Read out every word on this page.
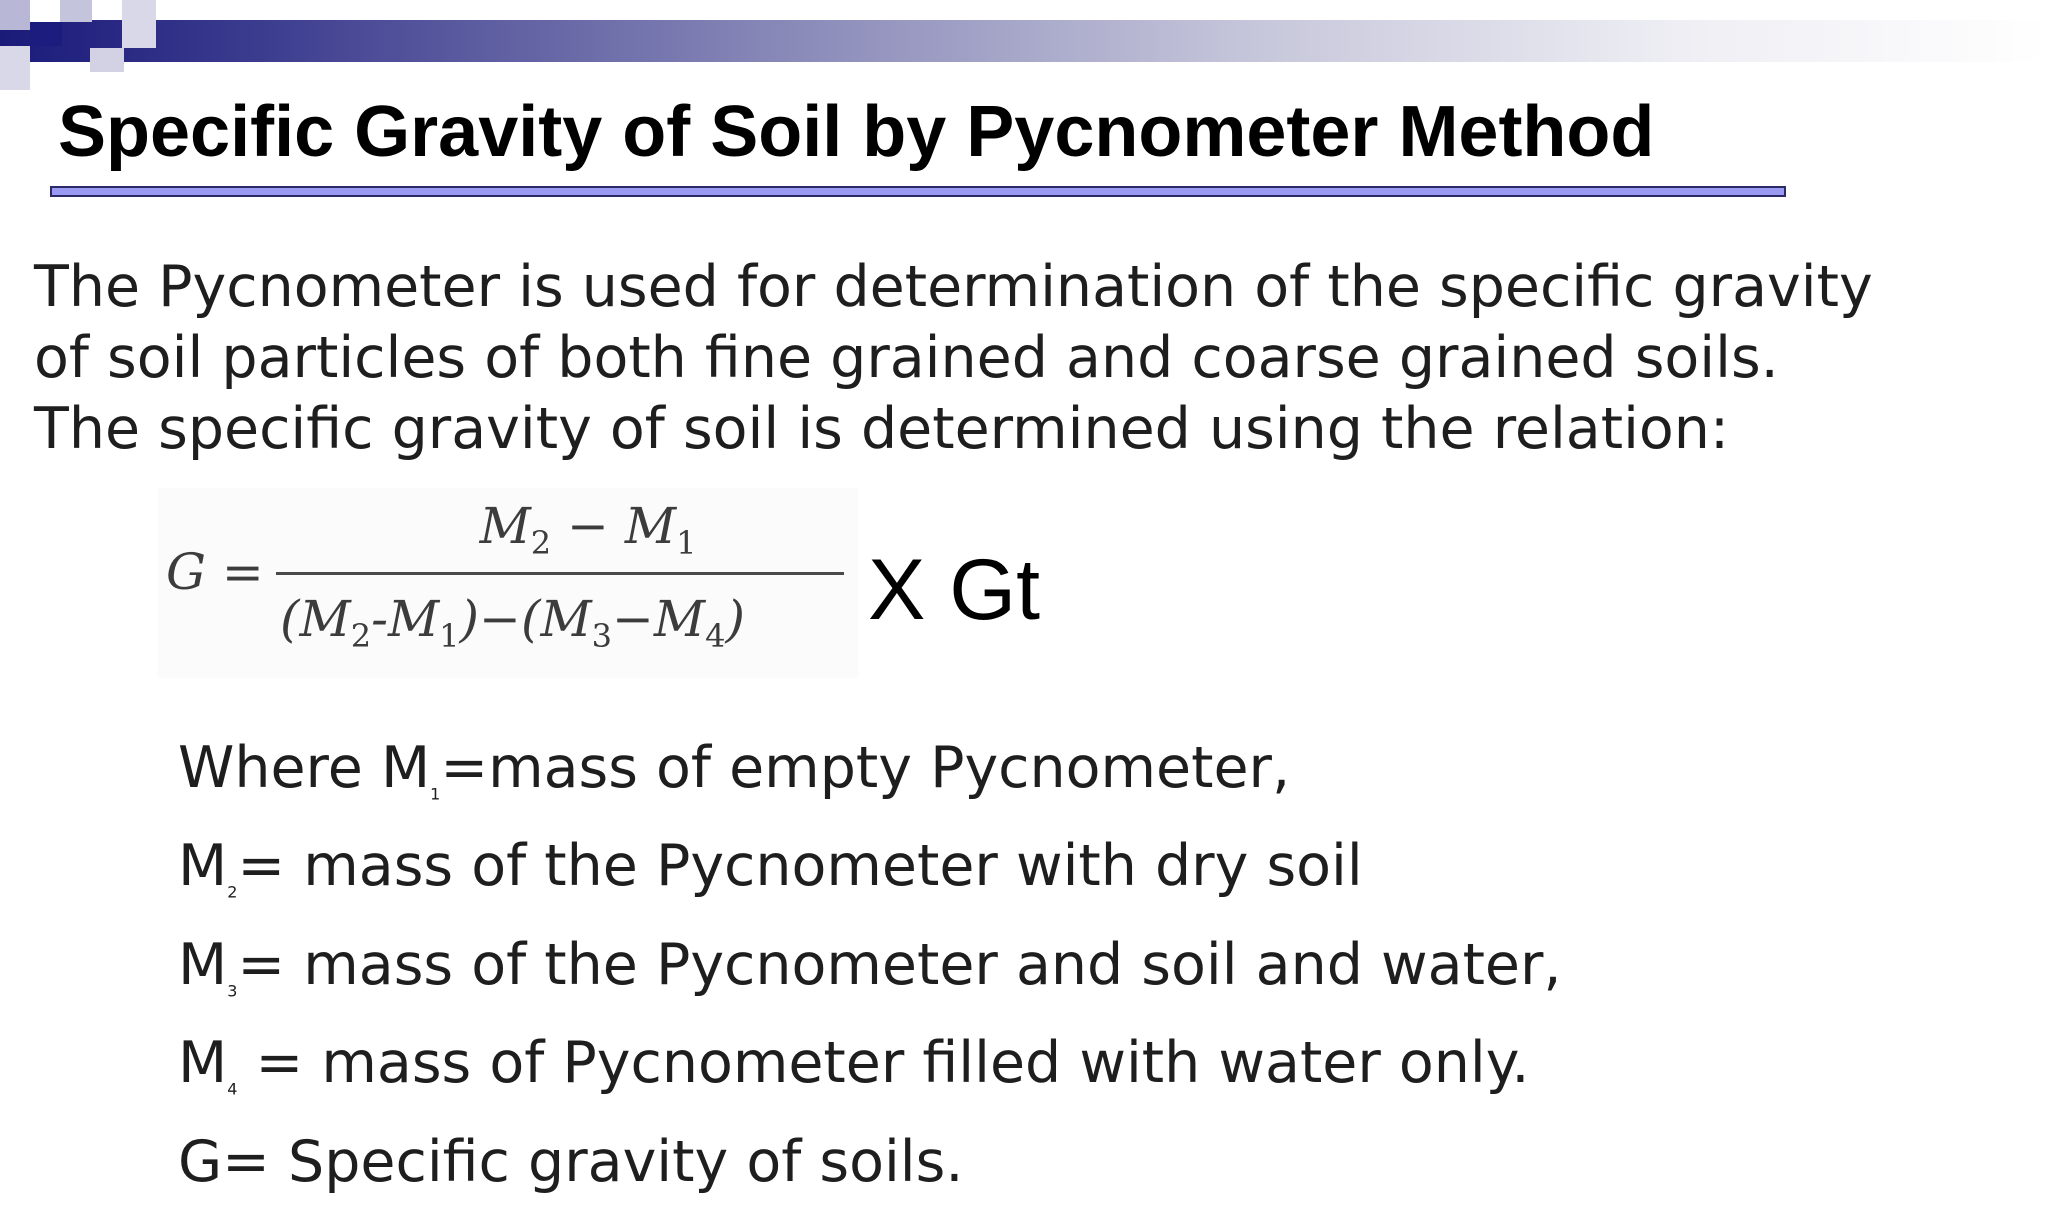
Specific Gravity of Soil by Pycnometer Method

The Pycnometer is used for determination of the specific gravity
of soil particles of both fine grained and coarse grained soils.
The specific gravity of soil is determined using the relation:

G =
$M_2 - M_1$
$(M_2-M_1)-(M_3-M_4)$ X Gt
Where $M_1=mass$ of empty Pycnometer,
$M_2=$ mass of the Pycnometer with dry soil
$M_3=$ mass of the Pycnometer and soil and water,
$M_4$ = mass of Pycnometer filled with water only.
G= Specific gravity of soils.
